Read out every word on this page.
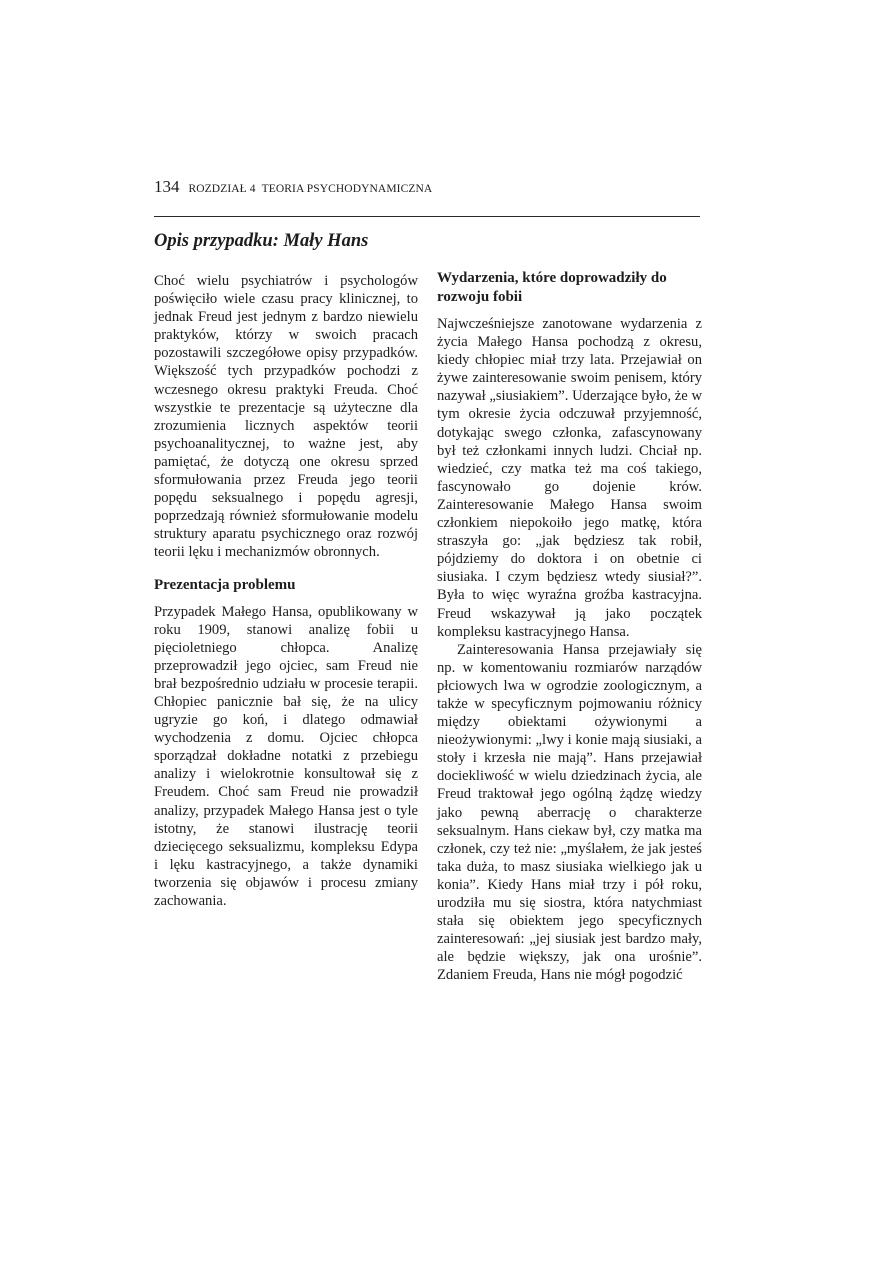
134 ROZDZIAŁ 4 TEORIA PSYCHODYNAMICZNA
Opis przypadku: Mały Hans

Choć wielu psychiatrów i psychologów poświęciło wiele czasu pracy klinicznej, to jednak Freud jest jednym z bardzo niewielu praktyków, którzy w swoich pracach pozostawili szczegółowe opisy przypadków. Większość tych przypadków pochodzi z wczesnego okresu praktyki Freuda. Choć wszystkie te prezentacje są użyteczne dla zrozumienia licznych aspektów teorii psychoanalitycznej, to ważne jest, aby pamiętać, że dotyczą one okresu sprzed sformułowania przez Freuda jego teorii popędu seksualnego i popędu agresji, poprzedzają również sformułowanie modelu struktury aparatu psychicznego oraz rozwój teorii lęku i mechanizmów obronnych.

Prezentacja problemu

Przypadek Małego Hansa, opublikowany w roku 1909, stanowi analizę fobii u pięcioletniego chłopca. Analizę przeprowadził jego ojciec, sam Freud nie brał bezpośrednio udziału w procesie terapii. Chłopiec panicznie bał się, że na ulicy ugryzie go koń, i dlatego odmawiał wychodzenia z domu. Ojciec chłopca sporządzał dokładne notatki z przebiegu analizy i wielokrotnie konsultował się z Freudem. Choć sam Freud nie prowadził analizy, przypadek Małego Hansa jest o tyle istotny, że stanowi ilustrację teorii dziecięcego seksualizmu, kompleksu Edypa i lęku kastracyjnego, a także dynamiki tworzenia się objawów i procesu zmiany zachowania.

Wydarzenia, które doprowadziły do rozwoju fobii

Najwcześniejsze zanotowane wydarzenia z życia Małego Hansa pochodzą z okresu, kiedy chłopiec miał trzy lata. Przejawiał on żywe zainteresowanie swoim penisem, który nazywał „siusiakiem”. Uderzające było, że w tym okresie życia odczuwał przyjemność, dotykając swego członka, zafascynowany był też członkami innych ludzi. Chciał np. wiedzieć, czy matka też ma coś takiego, fascynowało go dojenie krów. Zainteresowanie Małego Hansa swoim członkiem niepokoiło jego matkę, która straszyła go: „jak będziesz tak robił, pójdziemy do doktora i on obetnie ci siusiaka. I czym będziesz wtedy siusiał?”. Była to więc wyraźna groźba kastracyjna. Freud wskazywał ją jako początek kompleksu kastracyjnego Hansa.

Zainteresowania Hansa przejawiały się np. w komentowaniu rozmiarów narządów płciowych lwa w ogrodzie zoologicznym, a także w specyficznym pojmowaniu różnicy między obiektami ożywionymi a nieożywionymi: „lwy i konie mają siusiaki, a stoły i krzesła nie mają”. Hans przejawiał dociekliwość w wielu dziedzinach życia, ale Freud traktował jego ogólną żądzę wiedzy jako pewną aberrację o charakterze seksualnym. Hans ciekaw był, czy matka ma członek, czy też nie: „myślałem, że jak jesteś taka duża, to masz siusiaka wielkiego jak u konia”. Kiedy Hans miał trzy i pół roku, urodziła mu się siostra, która natychmiast stała się obiektem jego specyficznych zainteresowań: „jej siusiak jest bardzo mały, ale będzie większy, jak ona urośnie”. Zdaniem Freuda, Hans nie mógł pogodzić
